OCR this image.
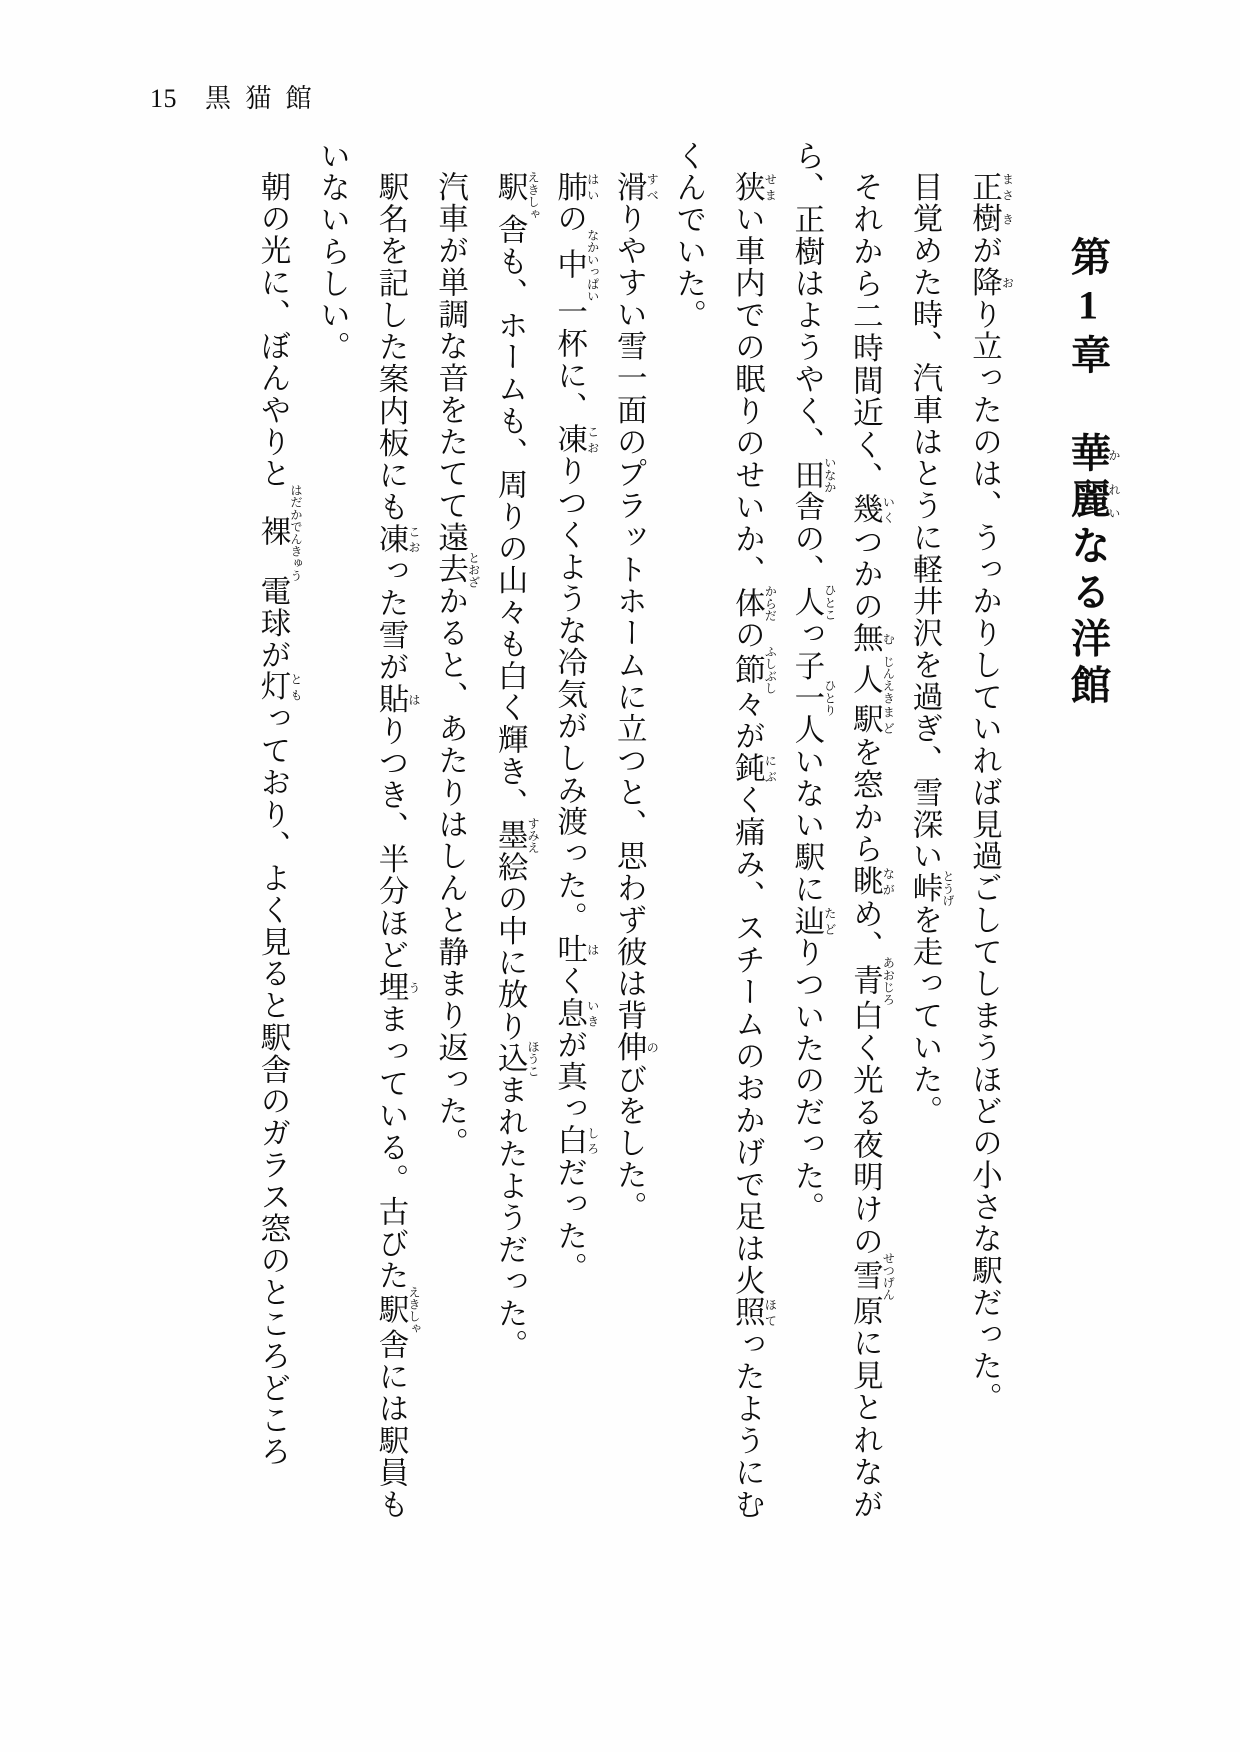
15 黒猫館
第1章 華か麗れいなる洋館

正 まさ樹 きが降 おり立ったのは、うっかりしていれば見過ごしてしまうほどの小さな駅だった。

目覚めた時、汽車はとうに軽井沢を過ぎ、雪深い峠 とうげを走っていた。

それから二時間近く、幾 いくつかの無 む人 じんえき駅 まどを窓から眺 ながめ、青 あおじろ白く光る夜明けの雪 せつげん原に見とれながら、正樹はようやく、田 いなか舎の、人 ひとこっ子一 ひとり人いない駅に辿 たどりついたのだった。

狭 せまい車内での眠りのせいか、体 からだの節 ふしぶし々が鈍 にぶく痛み、スチームのおかげで足は火照 ほてったようにむくんでいた。

滑 すべりやすい雪一面のプラットホームに立つと、思わず彼は背伸 のびをした。

肺 はいの中 なかいっぱい一杯に、凍 こおりつくような冷気がしみ渡った。吐 はく息 いきが真っ白 しろだった。

駅 えきしゃ舎も、ホームも、周りの山々も白く輝き、墨 すみえ絵の中に放り込 ほうこまれたようだった。

汽車が単調な音をたてて遠去 とおざかると、あたりはしんと静まり返った。

駅名を記した案内板にも凍 こおった雪が貼 はりつき、半分ほど埋 うまっている。古びた駅 えきしゃ舎には駅員もいないらしい。

朝の光に、ぼんやりと裸 はだかでんきゅう電球が灯 ともっており、よく見ると駅舎のガラス窓のところどころ
